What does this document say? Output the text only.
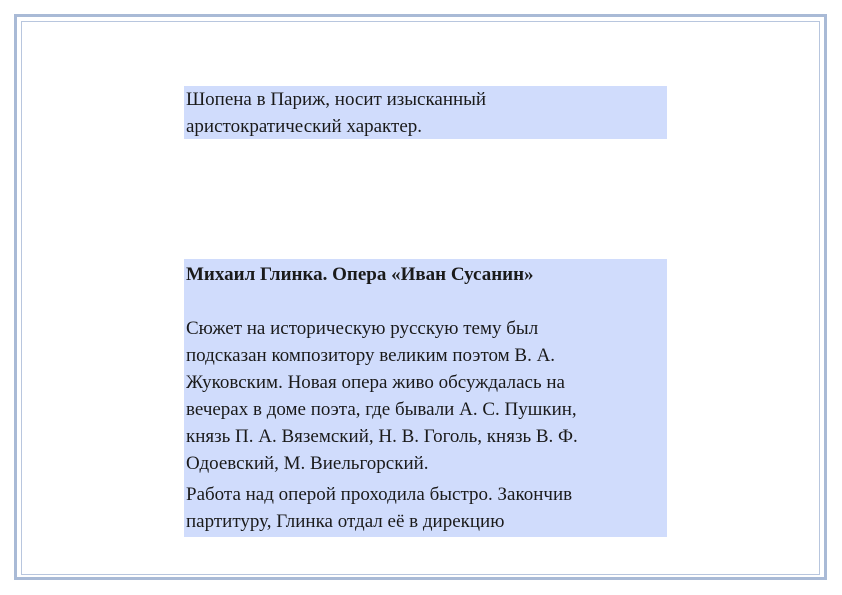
Шопена в Париж, носит изысканный
аристократический характер.
Михаил Глинка. Опера «Иван Сусанин»
Сюжет на историческую русскую тему был
подсказан композитору великим поэтом В. А.
Жуковским. Новая опера живо обсуждалась на
вечерах в доме поэта, где бывали А. С. Пушкин,
князь П. А. Вяземский, Н. В. Гоголь, князь В. Ф.
Одоевский, М. Виельгорский.
Работа над оперой проходила быстро. Закончив
партитуру, Глинка отдал её в дирекцию
